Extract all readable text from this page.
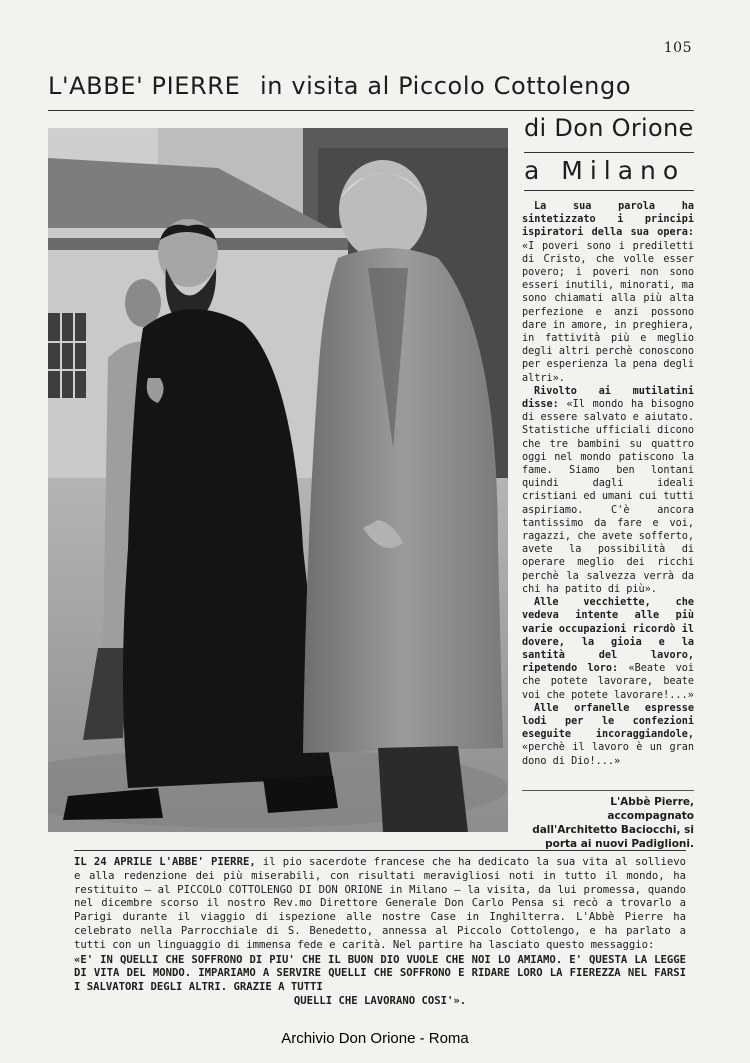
105
L'ABBE' PIERRE in visita al Piccolo Cottolengo
di Don Orione
a Milano

La sua parola ha sintetizzato i principi ispiratori della sua opera: «I poveri sono i prediletti di Cristo, che volle esser povero; i poveri non sono esseri inutili, minorati, ma sono chiamati alla più alta perfezione e anzi possono dare in amore, in preghiera, in fattività più e meglio degli altri perchè conoscono per esperienza la pena degli altri».

Rivolto ai mutilatini disse: «Il mondo ha bisogno di essere salvato e aiutato. Statistiche ufficiali dicono che tre bambini su quattro oggi nel mondo patiscono la fame. Siamo ben lontani quindi dagli ideali cristiani ed umani cui tutti aspiriamo. C'è ancora tantissimo da fare e voi, ragazzi, che avete sofferto, avete la possibilità di operare meglio dei ricchi perchè la salvezza verrà da chi ha patito di più».

Alle vecchiette, che vedeva intente alle più varie occupazioni ricordò il dovere, la gioia e la santità del lavoro, ripetendo loro: «Beate voi che potete lavorare, beate voi che potete lavorare!...»

Alle orfanelle espresse lodi per le confezioni eseguite incoraggiandole, «perchè il lavoro è un gran dono di Dio!...»

L'Abbè Pierre, accompagnato dall'Architetto Baciocchi, si porta ai nuovi Padiglioni.

IL 24 APRILE L'ABBE' PIERRE, il pio sacerdote francese che ha dedicato la sua vita al sollievo e alla redenzione dei più miserabili, con risultati meravigliosi noti in tutto il mondo, ha restituito — al PICCOLO COTTOLENGO DI DON ORIONE in Milano — la visita, da lui promessa, quando nel dicembre scorso il nostro Rev.mo Direttore Generale Don Carlo Pensa si recò a trovarlo a Parigi durante il viaggio di ispezione alle nostre Case in Inghilterra. L'Abbè Pierre ha celebrato nella Parrocchiale di S. Benedetto, annessa al Piccolo Cottolengo, e ha parlato a tutti con un linguaggio di immensa fede e carità. Nel partire ha lasciato questo messaggio:

«E' IN QUELLI CHE SOFFRONO DI PIU' CHE IL BUON DIO VUOLE CHE NOI LO AMIAMO. E' QUESTA LA LEGGE DI VITA DEL MONDO. IMPARIAMO A SERVIRE QUELLI CHE SOFFRONO E RIDARE LORO LA FIEREZZA NEL FARSI I SALVATORI DEGLI ALTRI. GRAZIE A TUTTI

QUELLI CHE LAVORANO COSI'».

Archivio Don Orione - Roma
